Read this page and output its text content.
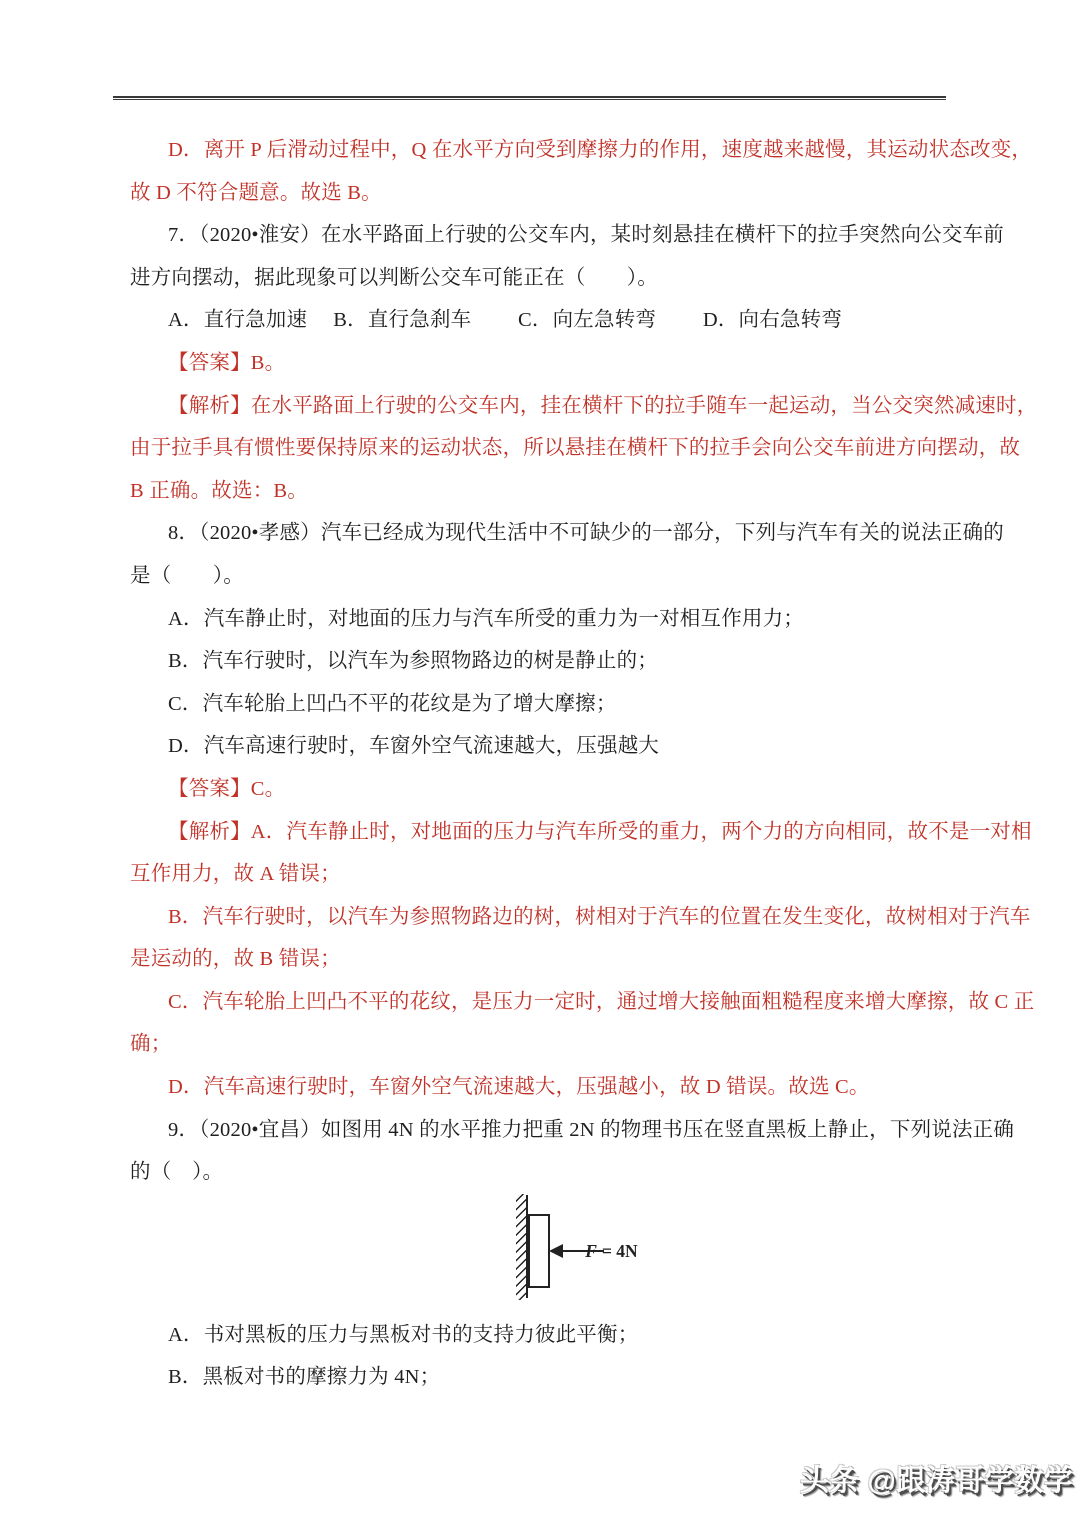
D．离开 P 后滑动过程中，Q 在水平方向受到摩擦力的作用，速度越来越慢，其运动状态改变，
故 D 不符合题意。故选 B。
7．（2020•淮安）在水平路面上行驶的公交车内，某时刻悬挂在横杆下的拉手突然向公交车前
进方向摆动，据此现象可以判断公交车可能正在（　　）。
A．直行急加速　 B．直行急刹车　　 C．向左急转弯　　 D．向右急转弯
【答案】B。
【解析】在水平路面上行驶的公交车内，挂在横杆下的拉手随车一起运动，当公交突然减速时，
由于拉手具有惯性要保持原来的运动状态，所以悬挂在横杆下的拉手会向公交车前进方向摆动，故
B 正确。故选：B。
8．（2020•孝感）汽车已经成为现代生活中不可缺少的一部分，下列与汽车有关的说法正确的
是（　　）。
A．汽车静止时，对地面的压力与汽车所受的重力为一对相互作用力；
B．汽车行驶时，以汽车为参照物路边的树是静止的；
C．汽车轮胎上凹凸不平的花纹是为了增大摩擦；
D．汽车高速行驶时，车窗外空气流速越大，压强越大
【答案】C。
【解析】A．汽车静止时，对地面的压力与汽车所受的重力，两个力的方向相同，故不是一对相
互作用力，故 A 错误；
B．汽车行驶时，以汽车为参照物路边的树，树相对于汽车的位置在发生变化，故树相对于汽车
是运动的，故 B 错误；
C．汽车轮胎上凹凸不平的花纹，是压力一定时，通过增大接触面粗糙程度来增大摩擦，故 C 正
确；
D．汽车高速行驶时，车窗外空气流速越大，压强越小，故 D 错误。故选 C。
9．（2020•宜昌）如图用 4N 的水平推力把重 2N 的物理书压在竖直黑板上静止，下列说法正确
的（　）。

F = 4N

A．书对黑板的压力与黑板对书的支持力彼此平衡；
B．黑板对书的摩擦力为 4N；
头条 @跟涛哥学数学
